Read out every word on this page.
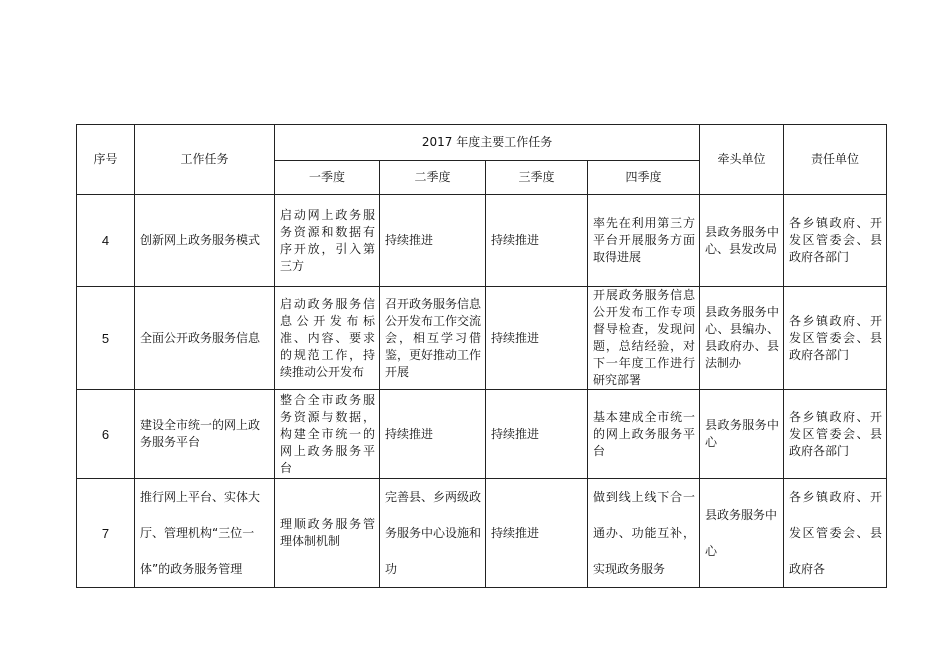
序号	工作任务	2017 年度主要工作任务				牵头单位	责任单位
		一季度	二季度	三季度	四季度		
4	创新网上政务服务模式	启动网上政务服务资源和数据有序开放，引入第三方	持续推进	持续推进	率先在利用第三方平台开展服务方面取得进展	县政务服务中心、县发改局	各乡镇政府、开发区管委会、县政府各部门
5	全面公开政务服务信息	启动政务服务信息公开发布标准、内容、要求的规范工作，持续推动公开发布	召开政务服务信息公开发布工作交流会，相互学习借鉴，更好推动工作开展	持续推进	开展政务服务信息公开发布工作专项督导检查，发现问题，总结经验，对下一年度工作进行研究部署	县政务服务中心、县编办、县政府办、县法制办	各乡镇政府、开发区管委会、县政府各部门
6	建设全市统一的网上政务服务平台	整合全市政务服务资源与数据，构建全市统一的网上政务服务平台	持续推进	持续推进	基本建成全市统一的网上政务服务平台	县政务服务中心	各乡镇政府、开发区管委会、县政府各部门
7	推行网上平台、实体大厅、管理机构“三位一体”的政务服务管理	理顺政务服务管理体制机制	完善县、乡两级政务服务中心设施和功	持续推进	做到线上线下合一通办、功能互补，实现政务服务	县政务服务中心	各乡镇政府、开发区管委会、县政府各
